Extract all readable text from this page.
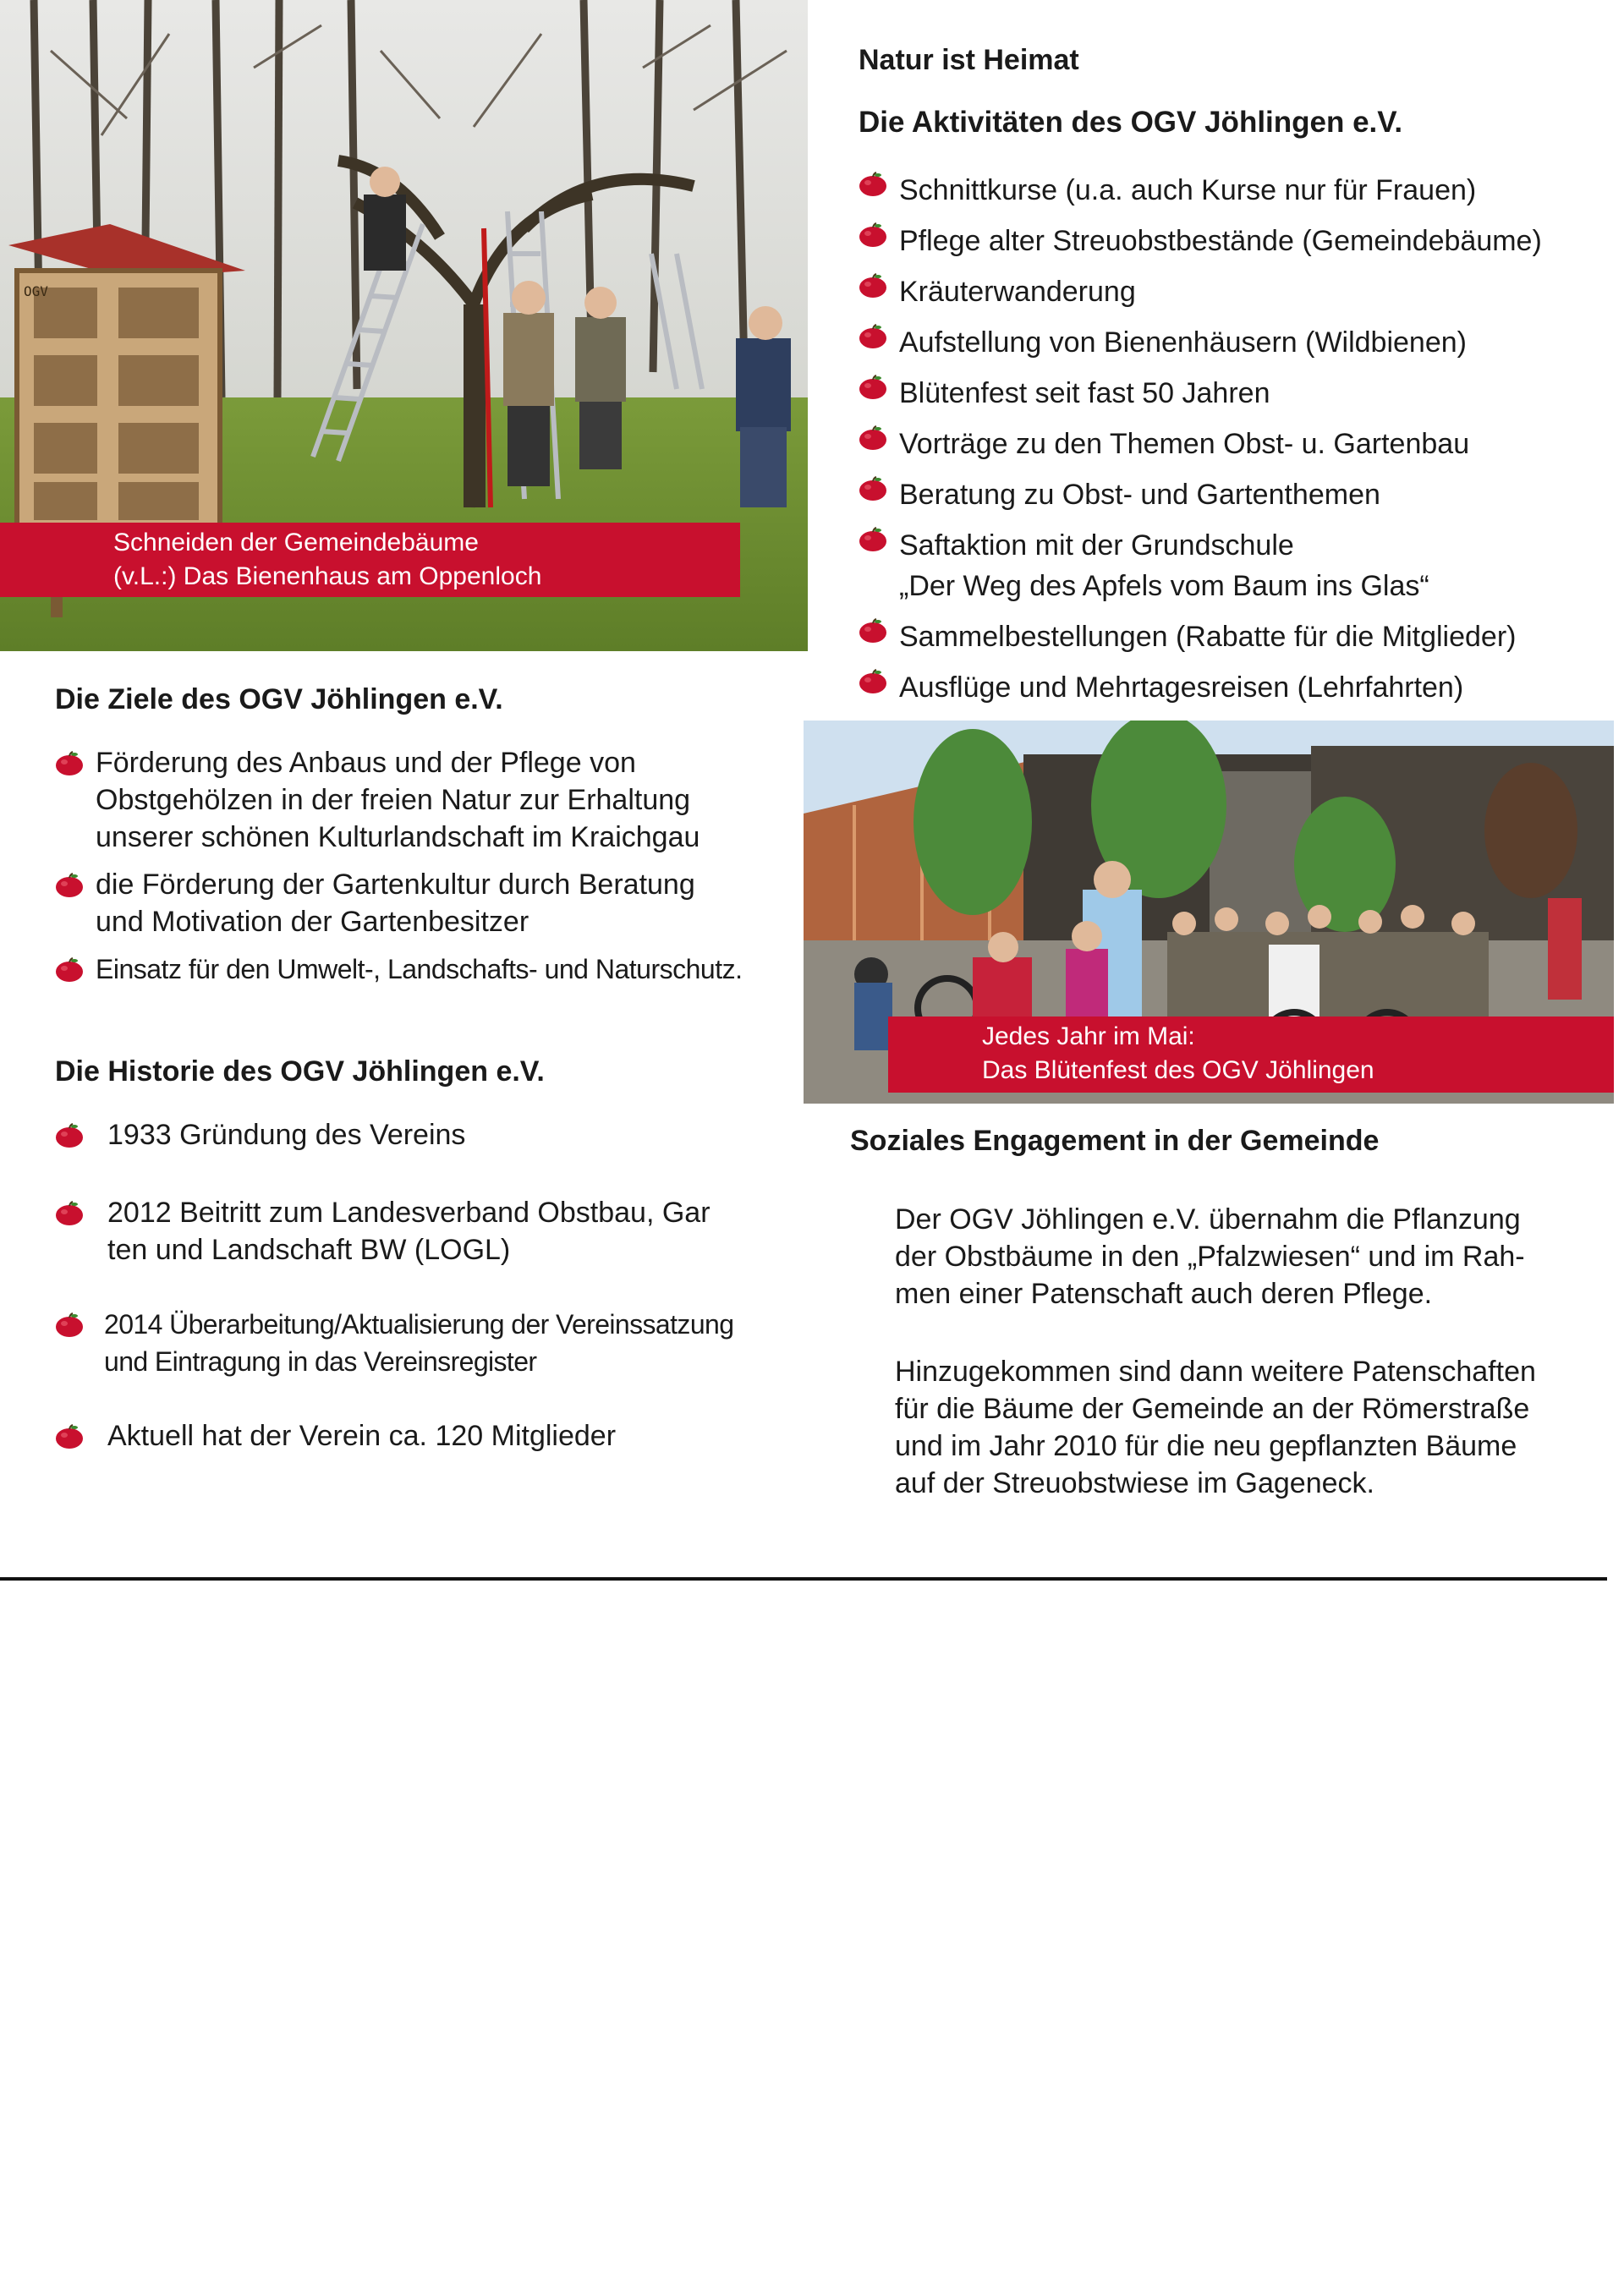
OGV
Schneiden der Gemeindebäume
(v.L.:) Das Bienenhaus am Oppenloch
Natur ist Heimat
Die Aktivitäten des OGV Jöhlingen e.V.
Schnittkurse (u.a. auch Kurse nur für Frauen)
Pflege alter Streuobstbestände (Gemeindebäume)
Kräuterwanderung
Aufstellung von Bienenhäusern (Wildbienen)
Blütenfest seit fast 50 Jahren
Vorträge zu den Themen Obst- u. Gartenbau
Beratung zu Obst- und Gartenthemen
Saftaktion mit der Grundschule
„Der Weg des Apfels vom Baum ins Glas“
Sammelbestellungen (Rabatte für die Mitglieder)
Ausflüge und Mehrtagesreisen (Lehrfahrten)
Jedes Jahr im Mai:
Das Blütenfest des OGV Jöhlingen
Die Ziele des OGV Jöhlingen e.V.
Förderung des Anbaus und der Pflege von
Obstgehölzen in der freien Natur zur Erhaltung
unserer schönen Kulturlandschaft im Kraichgau
die Förderung der Gartenkultur durch Beratung
und Motivation der Gartenbesitzer
Einsatz für den Umwelt-, Landschafts- und Naturschutz.
Die Historie des OGV Jöhlingen e.V.
1933 Gründung des Vereins
2012 Beitritt zum Landesverband Obstbau, Gar
ten und Landschaft BW (LOGL)
2014 Überarbeitung/Aktualisierung der Vereinssatzung
und Eintragung in das Vereinsregister
Aktuell hat der Verein ca. 120 Mitglieder
Soziales Engagement in der Gemeinde

Der OGV Jöhlingen e.V. übernahm die Pflanzung

der Obstbäume in den „Pfalzwiesen“ und im Rah-

men einer Patenschaft auch deren Pflege.

Hinzugekommen sind dann weitere Patenschaften

für die Bäume der Gemeinde an der Römerstraße

und im Jahr 2010 für die neu gepflanzten Bäume

auf der Streuobstwiese im Gageneck.
